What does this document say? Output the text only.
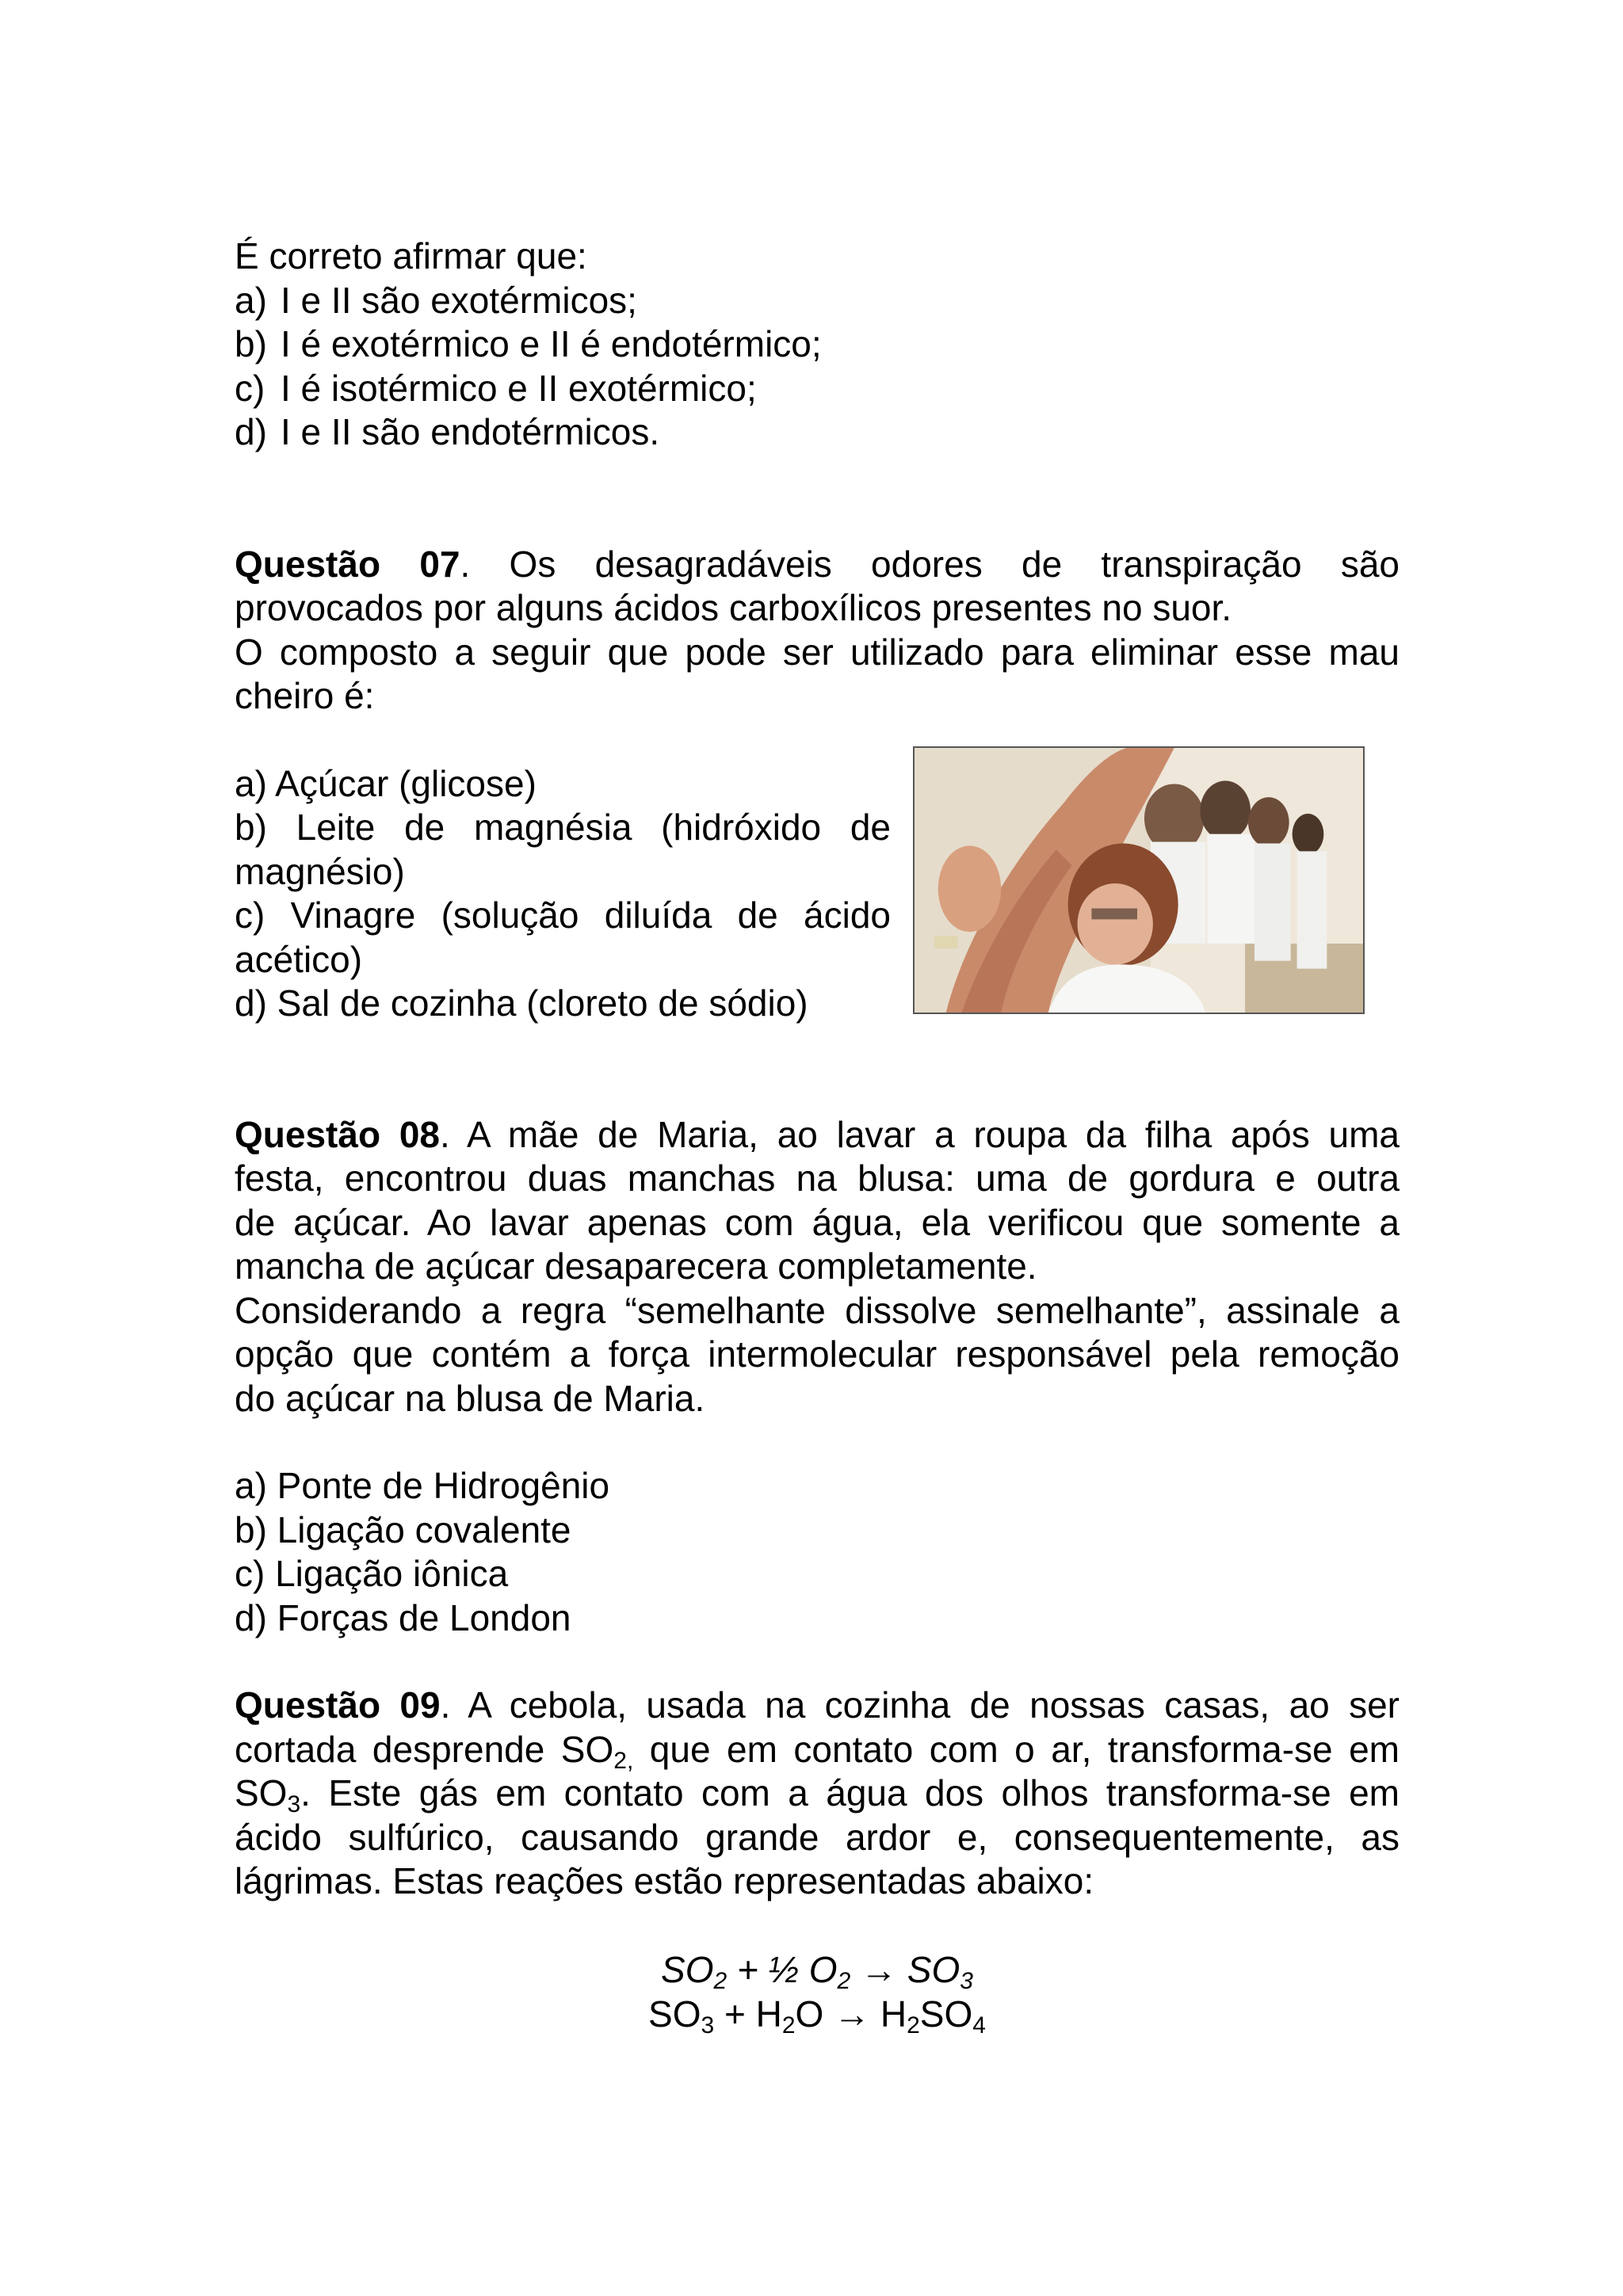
É correto afirmar que:
a) I e II são exotérmicos;
b) I é exotérmico e II é endotérmico;
c) I é isotérmico e II exotérmico;
d) I e II são endotérmicos.
Questão 07. Os desagradáveis odores de transpiração são
provocados por alguns ácidos carboxílicos presentes no suor.
O composto a seguir que pode ser utilizado para eliminar esse mau
cheiro é:
a) Açúcar (glicose)
b) Leite de magnésia (hidróxido de
magnésio)
c) Vinagre (solução diluída de ácido
acético)
d) Sal de cozinha (cloreto de sódio)
Questão 08. A mãe de Maria, ao lavar a roupa da filha após uma
festa, encontrou duas manchas na blusa: uma de gordura e outra
de açúcar. Ao lavar apenas com água, ela verificou que somente a
mancha de açúcar desaparecera completamente.
Considerando a regra “semelhante dissolve semelhante”, assinale a
opção que contém a força intermolecular responsável pela remoção
do açúcar na blusa de Maria.
a) Ponte de Hidrogênio
b) Ligação covalente
c) Ligação iônica
d) Forças de London
Questão 09. A cebola, usada na cozinha de nossas casas, ao ser
cortada desprende $SO_{2,}$ que em contato com o ar, transforma-se em
$SO_3$. Este gás em contato com a água dos olhos transforma-se em
ácido sulfúrico, causando grande ardor e, consequentemente, as
lágrimas. Estas reações estão representadas abaixo:
$SO_2$ + ½ $O_2 \to SO_3$
$SO_3 + H_2O \to H_2SO_4$
